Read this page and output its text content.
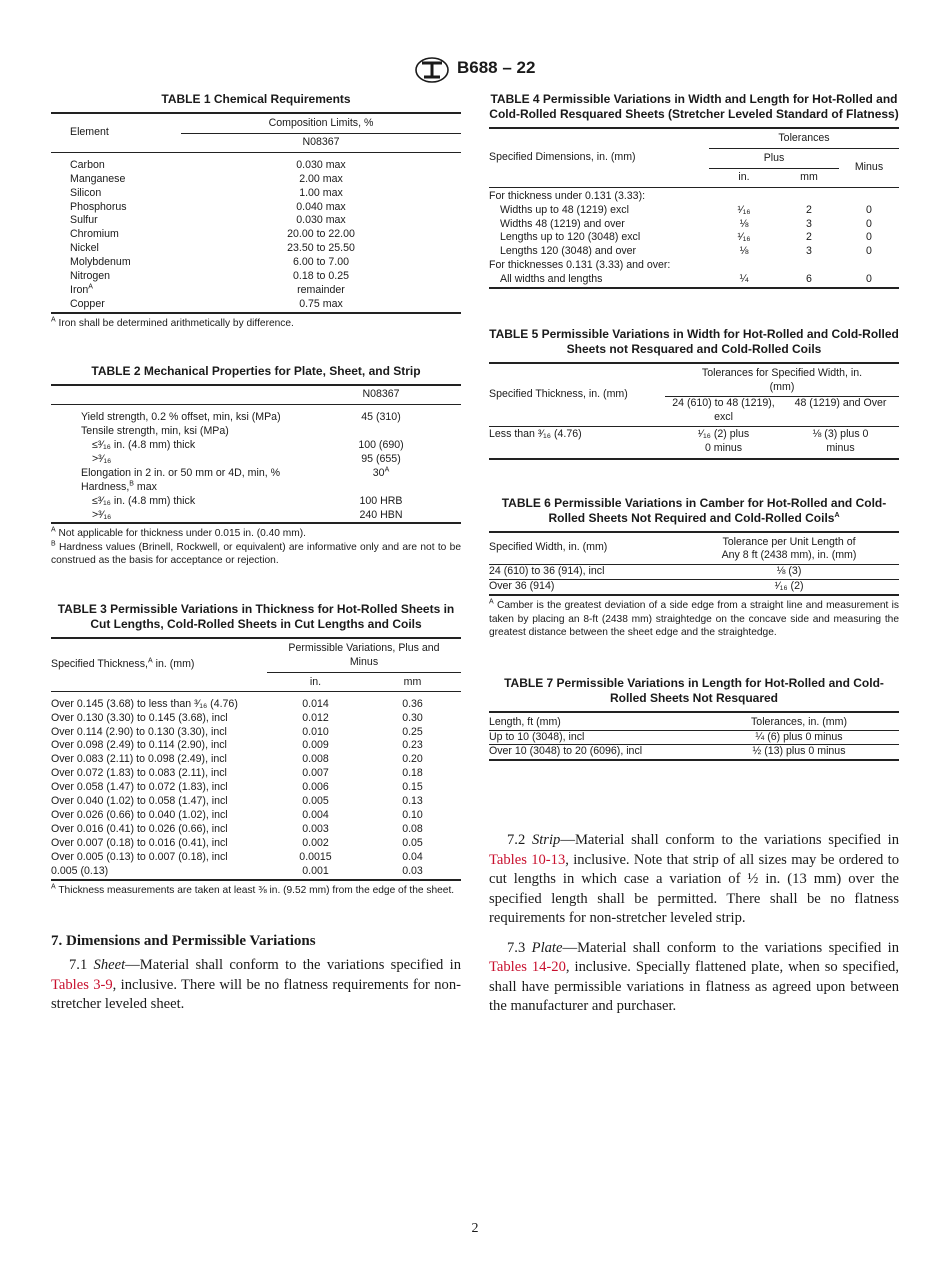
B688 – 22
TABLE 1 Chemical Requirements
Element	Composition Limits, %
	N08367

Carbon	0.030 max
Manganese	2.00 max
Silicon	1.00 max
Phosphorus	0.040 max
Sulfur	0.030 max
Chromium	20.00 to 22.00
Nickel	23.50 to 25.50
Molybdenum	6.00 to 7.00
Nitrogen	0.18 to 0.25
Iron$^A$	remainder
Copper	0.75 max
$^A$ Iron shall be determined arithmetically by difference.
TABLE 2 Mechanical Properties for Plate, Sheet, and Strip
	N08367

Yield strength, 0.2 % offset, min, ksi (MPa)	45 (310)
Tensile strength, min, ksi (MPa)	
≤³⁄₁₆ in. (4.8 mm) thick	100 (690)
>³⁄₁₆	95 (655)
Elongation in 2 in. or 50 mm or 4D, min, %	$30^A$
Hardness,$^B$ max	
≤³⁄₁₆ in. (4.8 mm) thick	100 HRB
>³⁄₁₆	240 HBN
$^A$ Not applicable for thickness under 0.015 in. (0.40 mm).
$^B$ Hardness values (Brinell, Rockwell, or equivalent) are informative only and are not to be construed as the basis for acceptance or rejection.
TABLE 3 Permissible Variations in Thickness for Hot-Rolled Sheets in Cut Lengths, Cold-Rolled Sheets in Cut Lengths and Coils
Specified Thickness,$^A$ in. (mm)	Permissible Variations, Plus and Minus	
	in.	mm

Over 0.145 (3.68) to less than ³⁄₁₆ (4.76)	0.014	0.36
Over 0.130 (3.30) to 0.145 (3.68), incl	0.012	0.30
Over 0.114 (2.90) to 0.130 (3.30), incl	0.010	0.25
Over 0.098 (2.49) to 0.114 (2.90), incl	0.009	0.23
Over 0.083 (2.11) to 0.098 (2.49), incl	0.008	0.20
Over 0.072 (1.83) to 0.083 (2.11), incl	0.007	0.18
Over 0.058 (1.47) to 0.072 (1.83), incl	0.006	0.15
Over 0.040 (1.02) to 0.058 (1.47), incl	0.005	0.13
Over 0.026 (0.66) to 0.040 (1.02), incl	0.004	0.10
Over 0.016 (0.41) to 0.026 (0.66), incl	0.003	0.08
Over 0.007 (0.18) to 0.016 (0.41), incl	0.002	0.05
Over 0.005 (0.13) to 0.007 (0.18), incl	0.0015	0.04
0.005 (0.13)	0.001	0.03
$^A$ Thickness measurements are taken at least ⅜ in. (9.52 mm) from the edge of the sheet.
7. Dimensions and Permissible Variations

7.1 Sheet—Material shall conform to the variations specified in Tables 3-9, inclusive. There will be no flatness requirements for non-stretcher leveled sheet.

TABLE 4 Permissible Variations in Width and Length for Hot-Rolled and Cold-Rolled Resquared Sheets (Stretcher Leveled Standard of Flatness)
Specified Dimensions, in. (mm)	Tolerances		
	Plus		Minus
	in.	mm	

For thickness under 0.131 (3.33):			
Widths up to 48 (1219) excl	¹⁄₁₆	2	0
Widths 48 (1219) and over	⅛	3	0
Lengths up to 120 (3048) excl	¹⁄₁₆	2	0
Lengths 120 (3048) and over	⅛	3	0
For thicknesses 0.131 (3.33) and over:			
All widths and lengths	¼	6	0
TABLE 5 Permissible Variations in Width for Hot-Rolled and Cold-Rolled Sheets not Resquared and Cold-Rolled Coils
Specified Thickness, in. (mm)	Tolerances for Specified Width, in. (mm)	
	24 (610) to 48 (1219), excl	48 (1219) and Over
Less than ³⁄₁₆ (4.76)	¹⁄₁₆ (2) plus 0 minus	⅛ (3) plus 0 minus
TABLE 6 Permissible Variations in Camber for Hot-Rolled and Cold-Rolled Sheets Not Required and Cold-Rolled Coils$^A$
Specified Width, in. (mm)	Tolerance per Unit Length of Any 8 ft (2438 mm), in. (mm)
24 (610) to 36 (914), incl	⅛ (3)
Over 36 (914)	¹⁄₁₆ (2)
$^A$ Camber is the greatest deviation of a side edge from a straight line and measurement is taken by placing an 8-ft (2438 mm) straightedge on the concave side and measuring the greatest distance between the sheet edge and the straightedge.
TABLE 7 Permissible Variations in Length for Hot-Rolled and Cold-Rolled Sheets Not Resquared
Length, ft (mm)	Tolerances, in. (mm)
Up to 10 (3048), incl	¼ (6) plus 0 minus
Over 10 (3048) to 20 (6096), incl	½ (13) plus 0 minus

7.2 Strip—Material shall conform to the variations specified in Tables 10-13, inclusive. Note that strip of all sizes may be ordered to cut lengths in which case a variation of ½ in. (13 mm) over the specified length shall be permitted. There shall be no flatness requirements for non-stretcher leveled strip.

7.3 Plate—Material shall conform to the variations specified in Tables 14-20, inclusive. Specially flattened plate, when so specified, shall have permissible variations in flatness as agreed upon between the manufacturer and purchaser.

2
